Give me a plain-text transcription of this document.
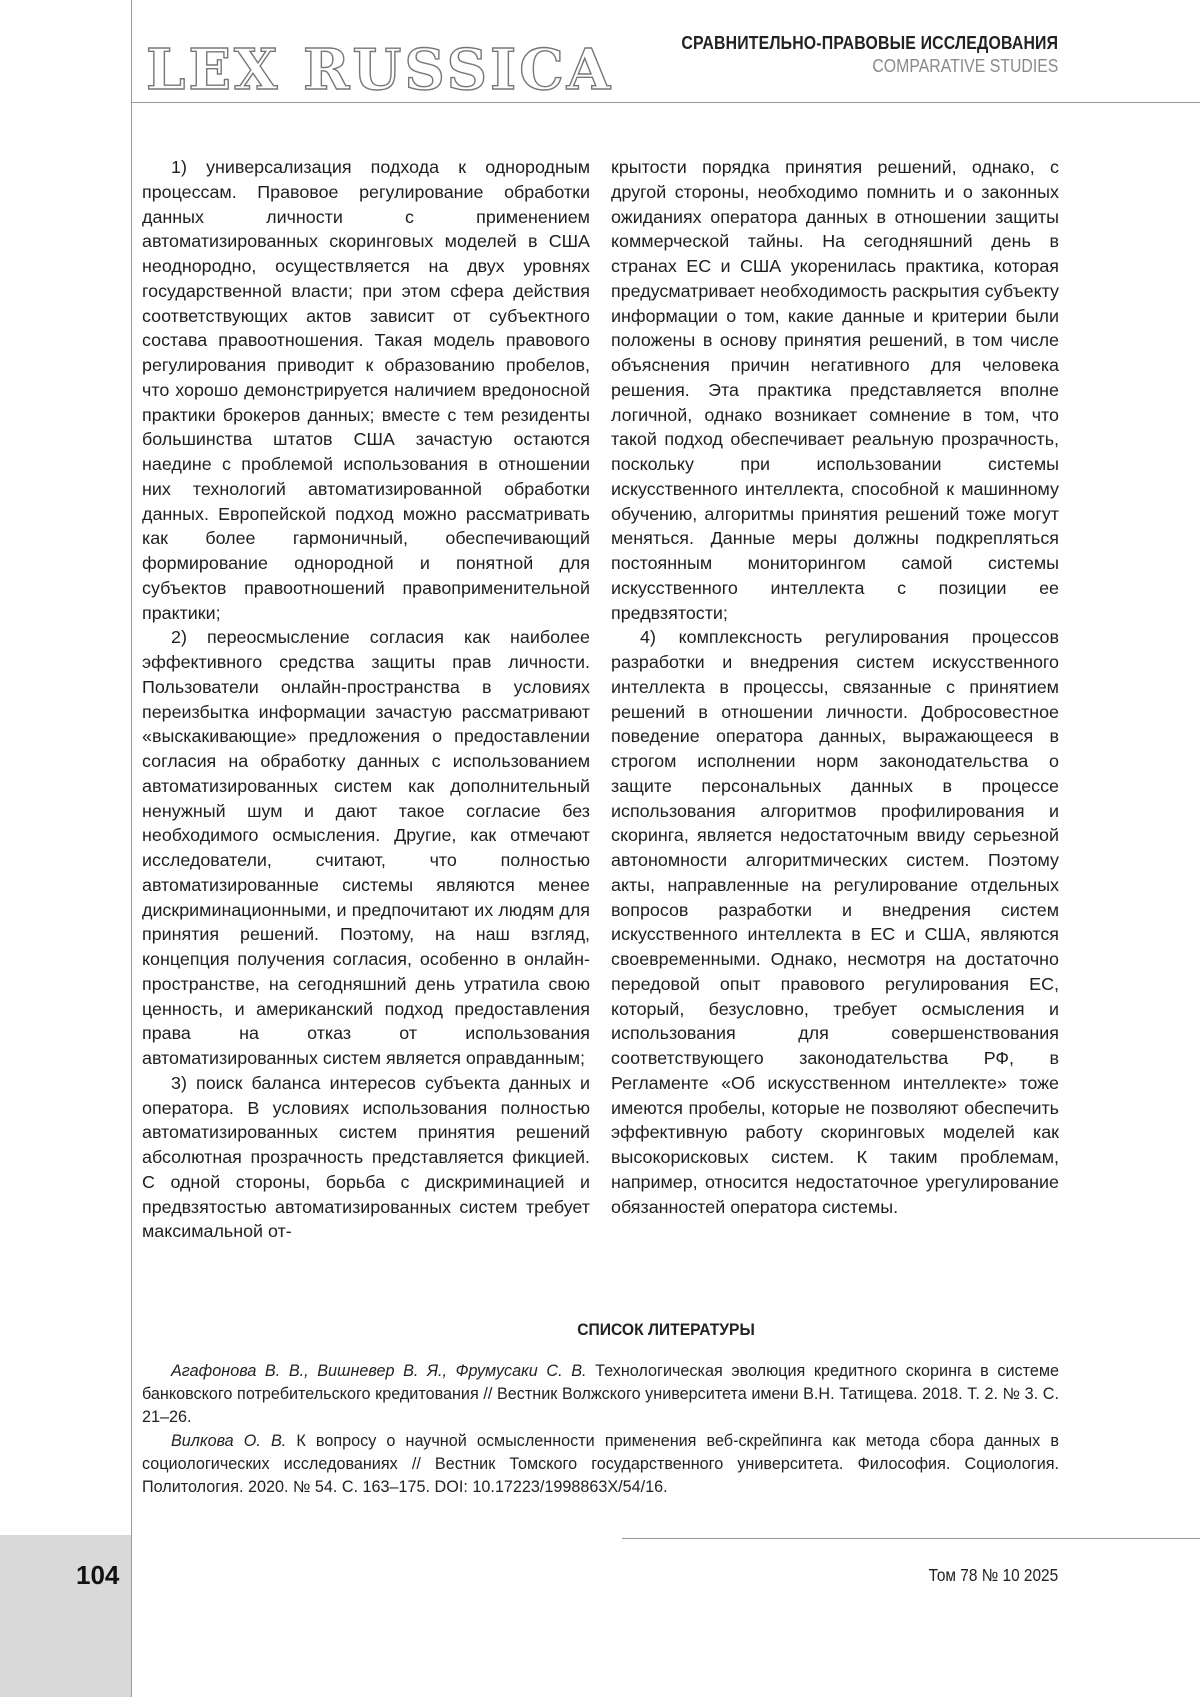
LEX RUSSICA	СРАВНИТЕЛЬНО-ПРАВОВЫЕ ИССЛЕДОВАНИЯ
COMPARATIVE STUDIES

1) универсализация подхода к однородным процессам. Правовое регулирование обработки данных личности с применением автоматизированных скоринговых моделей в США неоднородно, осуществляется на двух уровнях государственной власти; при этом сфера действия соответствующих актов зависит от субъектного состава правоотношения. Такая модель правового регулирования приводит к образованию пробелов, что хорошо демонстрируется наличием вредоносной практики брокеров данных; вместе с тем резиденты большинства штатов США зачастую остаются наедине с проблемой использования в отношении них технологий автоматизированной обработки данных. Европейской подход можно рассматривать как более гармоничный, обеспечивающий формирование однородной и понятной для субъектов правоотношений правоприменительной практики;

2) переосмысление согласия как наиболее эффективного средства защиты прав личности. Пользователи онлайн-пространства в условиях переизбытка информации зачастую рассматривают «выскакивающие» предложения о предоставлении согласия на обработку данных с использованием автоматизированных систем как дополнительный ненужный шум и дают такое согласие без необходимого осмысления. Другие, как отмечают исследователи, считают, что полностью автоматизированные системы являются менее дискриминационными, и предпочитают их людям для принятия решений. Поэтому, на наш взгляд, концепция получения согласия, особенно в онлайн-пространстве, на сегодняшний день утратила свою ценность, и американский подход предоставления права на отказ от использования автоматизированных систем является оправданным;

3) поиск баланса интересов субъекта данных и оператора. В условиях использования полностью автоматизированных систем принятия решений абсолютная прозрачность представляется фикцией. С одной стороны, борьба с дискриминацией и предвзятостью автоматизированных систем требует максимальной от-

крытости порядка принятия решений, однако, с другой стороны, необходимо помнить и о законных ожиданиях оператора данных в отношении защиты коммерческой тайны. На сегодняшний день в странах ЕС и США укоренилась практика, которая предусматривает необходимость раскрытия субъекту информации о том, какие данные и критерии были положены в основу принятия решений, в том числе объяснения причин негативного для человека решения. Эта практика представляется вполне логичной, однако возникает сомнение в том, что такой подход обеспечивает реальную прозрачность, поскольку при использовании системы искусственного интеллекта, способной к машинному обучению, алгоритмы принятия решений тоже могут меняться. Данные меры должны подкрепляться постоянным мониторингом самой системы искусственного интеллекта с позиции ее предвзятости;

4) комплексность регулирования процессов разработки и внедрения систем искусственного интеллекта в процессы, связанные с принятием решений в отношении личности. Добросовестное поведение оператора данных, выражающееся в строгом исполнении норм законодательства о защите персональных данных в процессе использования алгоритмов профилирования и скоринга, является недостаточным ввиду серьезной автономности алгоритмических систем. Поэтому акты, направленные на регулирование отдельных вопросов разработки и внедрения систем искусственного интеллекта в ЕС и США, являются своевременными. Однако, несмотря на достаточно передовой опыт правового регулирования ЕС, который, безусловно, требует осмысления и использования для совершенствования соответствующего законодательства РФ, в Регламенте «Об искусственном интеллекте» тоже имеются пробелы, которые не позволяют обеспечить эффективную работу скоринговых моделей как высокорисковых систем. К таким проблемам, например, относится недостаточное урегулирование обязанностей оператора системы.

СПИСОК ЛИТЕРАТУРЫ

Агафонова В. В., Вишневер В. Я., Фрумусаки С. В. Технологическая эволюция кредитного скоринга в системе банковского потребительского кредитования // Вестник Волжского университета имени В.Н. Татищева. 2018. Т. 2. № 3. С. 21–26.

Вилкова О. В. К вопросу о научной осмысленности применения веб-скрейпинга как метода сбора данных в социологических исследованиях // Вестник Томского государственного университета. Философия. Социология. Политология. 2020. № 54. С. 163–175. DOI: 10.17223/1998863X/54/16.

104	Том 78 № 10 2025
